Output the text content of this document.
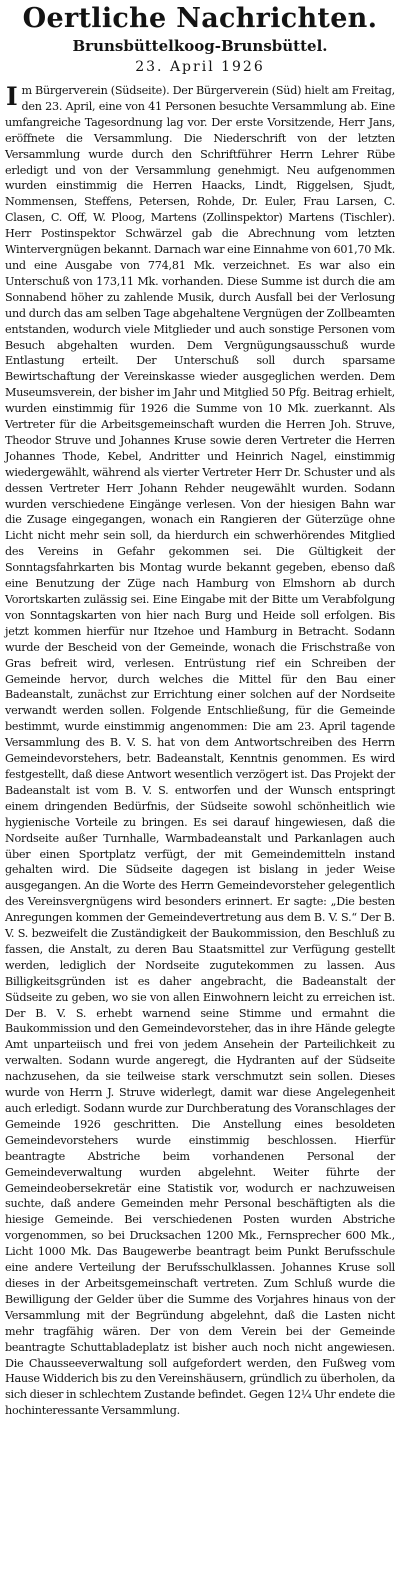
Oertliche Nachrichten.
Brunsbüttelkoog-Brunsbüttel.
23. April 1926

Im Bürgerverein (Südseite). Der Bürgerverein (Süd) hielt am Freitag, den 23. April, eine von 41 Personen besuchte Versammlung ab. Eine umfangreiche Tagesordnung lag vor. Der erste Vorsitzende, Herr Jans, eröffnete die Versammlung. Die Niederschrift von der letzten Versammlung wurde durch den Schriftführer Herrn Lehrer Rübe erledigt und von der Versammlung genehmigt. Neu aufgenommen wurden einstimmig die Herren Haacks, Lindt, Riggelsen, Sjudt, Nommensen, Steffens, Petersen, Rohde, Dr. Euler, Frau Larsen, C. Clasen, C. Off, W. Ploog, Martens (Zollinspektor) Martens (Tischler). Herr Postinspektor Schwärzel gab die Abrechnung vom letzten Wintervergnügen bekannt. Darnach war eine Einnahme von 601,70 Mk. und eine Ausgabe von 774,81 Mk. verzeichnet. Es war also ein Unterschuß von 173,11 Mk. vorhanden. Diese Summe ist durch die am Sonnabend höher zu zahlende Musik, durch Ausfall bei der Verlosung und durch das am selben Tage abgehaltene Vergnügen der Zollbeamten entstanden, wodurch viele Mitglieder und auch sonstige Personen vom Besuch abgehalten wurden. Dem Vergnügungsausschuß wurde Entlastung erteilt. Der Unterschuß soll durch sparsame Bewirtschaftung der Vereinskasse wieder ausgeglichen werden. Dem Museumsverein, der bisher im Jahr und Mitglied 50 Pfg. Beitrag erhielt, wurden einstimmig für 1926 die Summe von 10 Mk. zuerkannt. Als Vertreter für die Arbeitsgemeinschaft wurden die Herren Joh. Struve, Theodor Struve und Johannes Kruse sowie deren Vertreter die Herren Johannes Thode, Kebel, Andritter und Heinrich Nagel, einstimmig wiedergewählt, während als vierter Vertreter Herr Dr. Schuster und als dessen Vertreter Herr Johann Rehder neugewählt wurden. Sodann wurden verschiedene Eingänge verlesen. Von der hiesigen Bahn war die Zusage eingegangen, wonach ein Rangieren der Güterzüge ohne Licht nicht mehr sein soll, da hierdurch ein schwerhörendes Mitglied des Vereins in Gefahr gekommen sei. Die Gültigkeit der Sonntagsfahrkarten bis Montag wurde bekannt gegeben, ebenso daß eine Benutzung der Züge nach Hamburg von Elmshorn ab durch Vorortskarten zulässig sei. Eine Eingabe mit der Bitte um Verabfolgung von Sonntagskarten von hier nach Burg und Heide soll erfolgen. Bis jetzt kommen hierfür nur Itzehoe und Hamburg in Betracht. Sodann wurde der Bescheid von der Gemeinde, wonach die Frischstraße von Gras befreit wird, verlesen. Entrüstung rief ein Schreiben der Gemeinde hervor, durch welches die Mittel für den Bau einer Badeanstalt, zunächst zur Errichtung einer solchen auf der Nordseite verwandt werden sollen. Folgende Entschließung, für die Gemeinde bestimmt, wurde einstimmig angenommen: Die am 23. April tagende Versammlung des B. V. S. hat von dem Antwortschreiben des Herrn Gemeindevorstehers, betr. Badeanstalt, Kenntnis genommen. Es wird festgestellt, daß diese Antwort wesentlich verzögert ist. Das Projekt der Badeanstalt ist vom B. V. S. entworfen und der Wunsch entspringt einem dringenden Bedürfnis, der Südseite sowohl schönheitlich wie hygienische Vorteile zu bringen. Es sei darauf hingewiesen, daß die Nordseite außer Turnhalle, Warmbadeanstalt und Parkanlagen auch über einen Sportplatz verfügt, der mit Gemeindemitteln instand gehalten wird. Die Südseite dagegen ist bislang in jeder Weise ausgegangen. An die Worte des Herrn Gemeindevorsteher gelegentlich des Vereinsvergnügens wird besonders erinnert. Er sagte: „Die besten Anregungen kommen der Gemeindevertretung aus dem B. V. S.“ Der B. V. S. bezweifelt die Zuständigkeit der Baukommission, den Beschluß zu fassen, die Anstalt, zu deren Bau Staatsmittel zur Verfügung gestellt werden, lediglich der Nordseite zugutekommen zu lassen. Aus Billigkeitsgründen ist es daher angebracht, die Badeanstalt der Südseite zu geben, wo sie von allen Einwohnern leicht zu erreichen ist. Der B. V. S. erhebt warnend seine Stimme und ermahnt die Baukommission und den Gemeindevorsteher, das in ihre Hände gelegte Amt unparteiisch und frei von jedem Ansehein der Parteilichkeit zu verwalten. Sodann wurde angeregt, die Hydranten auf der Südseite nachzusehen, da sie teilweise stark verschmutzt sein sollen. Dieses wurde von Herrn J. Struve widerlegt, damit war diese Angelegenheit auch erledigt. Sodann wurde zur Durchberatung des Voranschlages der Gemeinde 1926 geschritten. Die Anstellung eines besoldeten Gemeindevorstehers wurde einstimmig beschlossen. Hierfür beantragte Abstriche beim vorhandenen Personal der Gemeindeverwaltung wurden abgelehnt. Weiter führte der Gemeindeobersekretär eine Statistik vor, wodurch er nachzuweisen suchte, daß andere Gemeinden mehr Personal beschäftigten als die hiesige Gemeinde. Bei verschiedenen Posten wurden Abstriche vorgenommen, so bei Drucksachen 1200 Mk., Fernsprecher 600 Mk., Licht 1000 Mk. Das Baugewerbe beantragt beim Punkt Berufsschule eine andere Verteilung der Berufsschulklassen. Johannes Kruse soll dieses in der Arbeitsgemeinschaft vertreten. Zum Schluß wurde die Bewilligung der Gelder über die Summe des Vorjahres hinaus von der Versammlung mit der Begründung abgelehnt, daß die Lasten nicht mehr tragfähig wären. Der von dem Verein bei der Gemeinde beantragte Schuttabladeplatz ist bisher auch noch nicht angewiesen. Die Chausseeverwaltung soll aufgefordert werden, den Fußweg vom Hause Widderich bis zu den Vereinshäusern, gründlich zu überholen, da sich dieser in schlechtem Zustande befindet. Gegen 12¼ Uhr endete die hochinteressante Versammlung.
